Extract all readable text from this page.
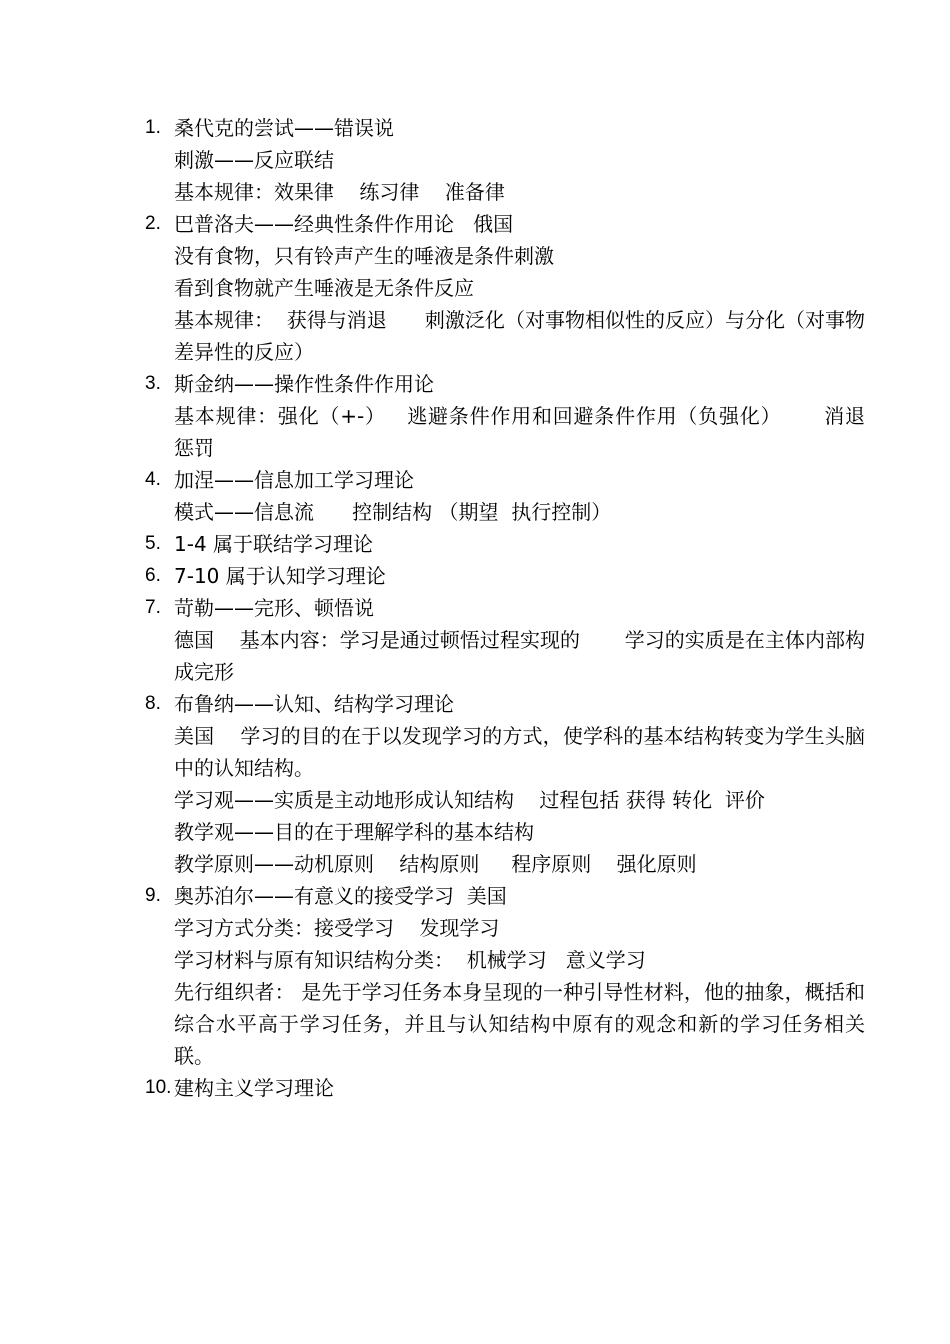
1. 桑代克的尝试——错误说
刺激——反应联结
基本规律：效果律    练习律    准备律
2. 巴普洛夫——经典性条件作用论   俄国
没有食物，只有铃声产生的唾液是条件刺激
看到食物就产生唾液是无条件反应
基本规律：  获得与消退      刺激泛化（对事物相似性的反应）与分化（对事物差异性的反应）
3. 斯金纳——操作性条件作用论
基本规律：强化（+-）   逃避条件作用和回避条件作用（负强化）      消退    惩罚
4. 加涅——信息加工学习理论
模式——信息流      控制结构 （期望  执行控制）
5. 1-4 属于联结学习理论
6. 7-10 属于认知学习理论
7. 苛勒——完形、顿悟说
德国    基本内容：学习是通过顿悟过程实现的       学习的实质是在主体内部构成完形
8. 布鲁纳——认知、结构学习理论
美国    学习的目的在于以发现学习的方式，使学科的基本结构转变为学生头脑中的认知结构。
学习观——实质是主动地形成认知结构    过程包括 获得 转化  评价
教学观——目的在于理解学科的基本结构
教学原则——动机原则    结构原则     程序原则    强化原则
9. 奥苏泊尔——有意义的接受学习  美国
学习方式分类：接受学习    发现学习
学习材料与原有知识结构分类：  机械学习   意义学习
先行组织者： 是先于学习任务本身呈现的一种引导性材料，他的抽象，概括和综合水平高于学习任务，并且与认知结构中原有的观念和新的学习任务相关联。
10. 建构主义学习理论
